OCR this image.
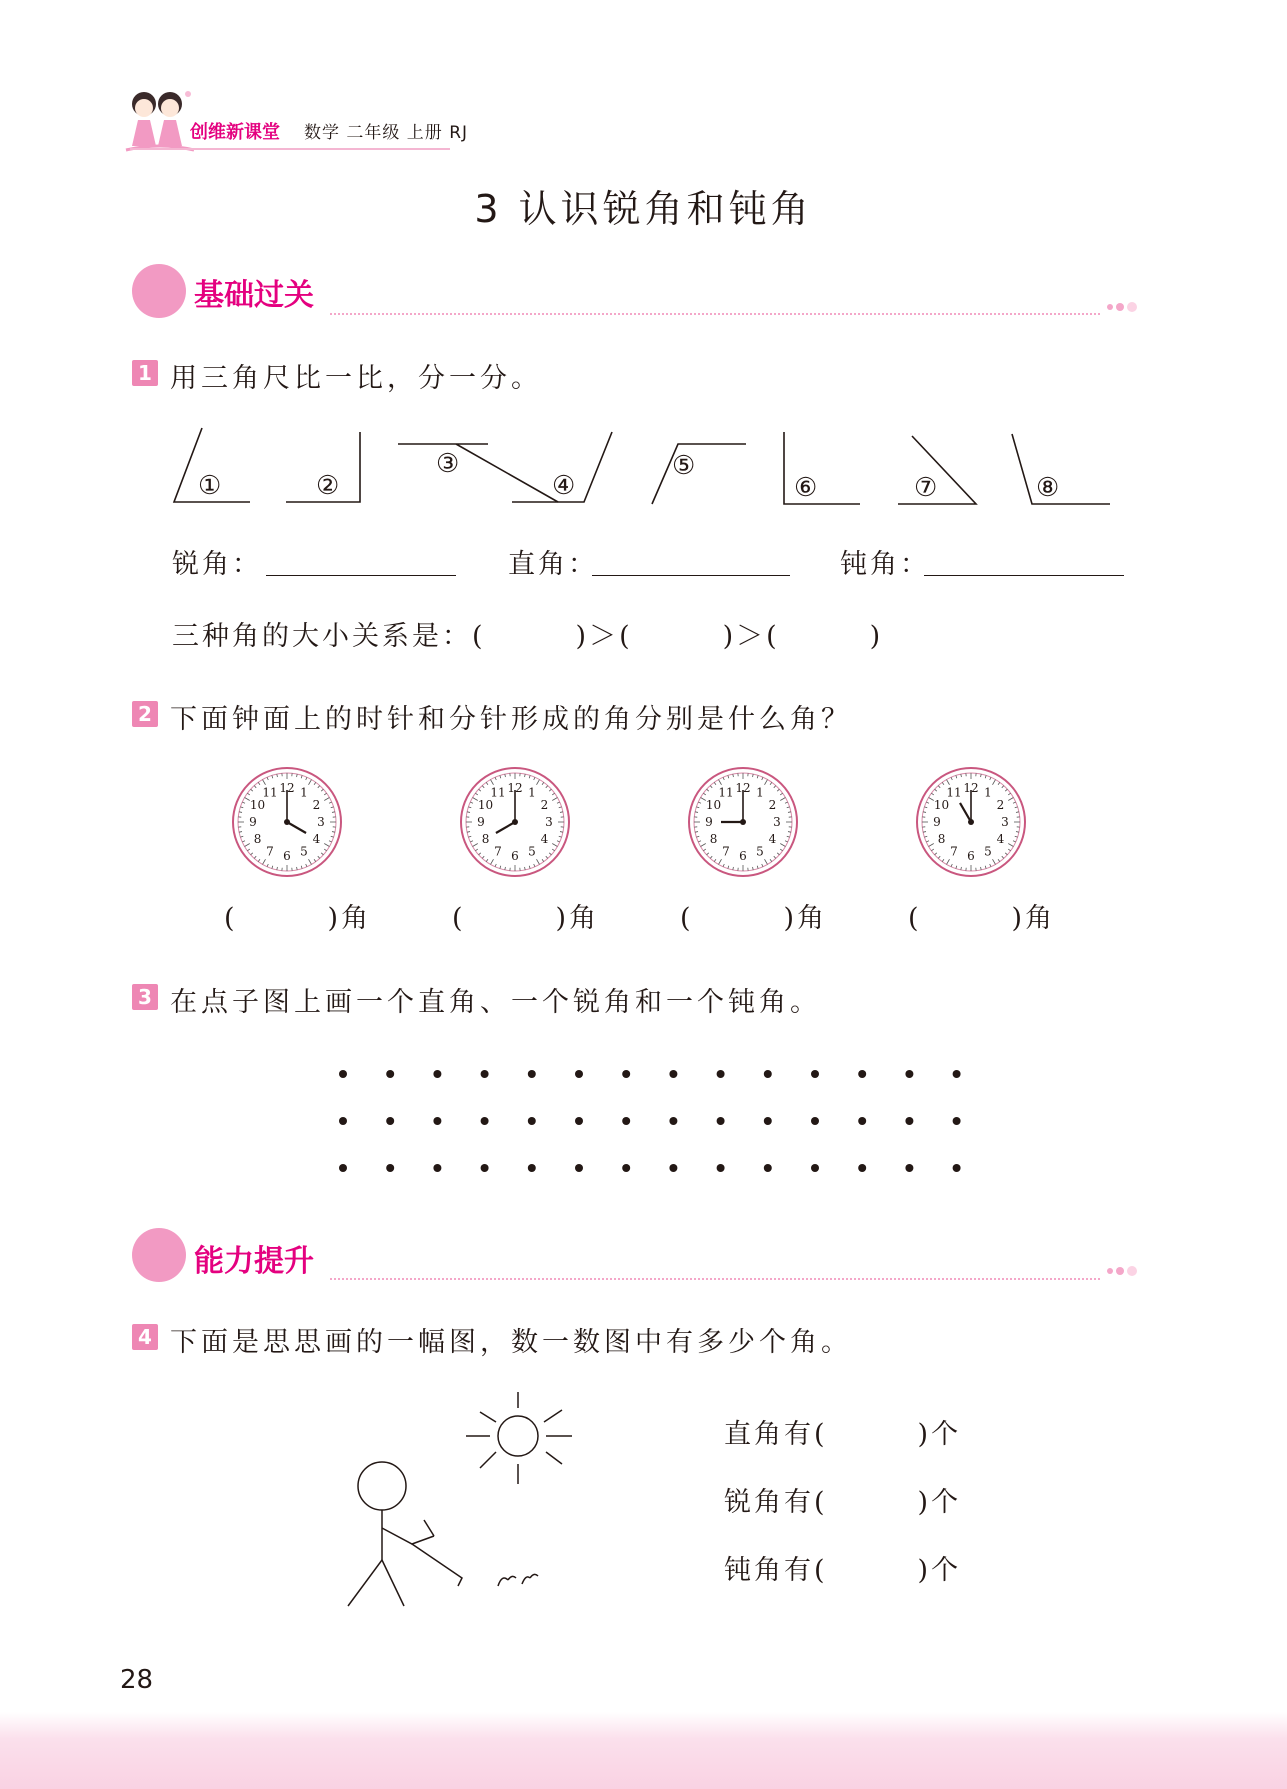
创维新课堂 数学 二年级 上册 RJ
3 认识锐角和钝角
基础过关
1 用三角尺比一比，分一分。
①	②
③
④
⑤
⑥	⑦	⑧
锐角：	直角：	钝角：
三种角的大小关系是：(　　　)＞(　　　)＞(　　　)
2 下面钟面上的时针和分针形成的角分别是什么角？
12 1
2
3
4
5
6
7
8
9
10
11	12 1
2
3
4
5
6
7
8
9
10
11	12 1
2
3
4
5
6
7
8
9
10
11	12 1
2
3
4
5
6
7
8
9
10
11
(　　　)角	(　　　)角	(　　　)角	(　　　)角
3 在点子图上画一个直角、一个锐角和一个钝角。
能力提升
4 下面是思思画的一幅图，数一数图中有多少个角。
直角有(　　　)个
锐角有(　　　)个
钝角有(　　　)个
28
